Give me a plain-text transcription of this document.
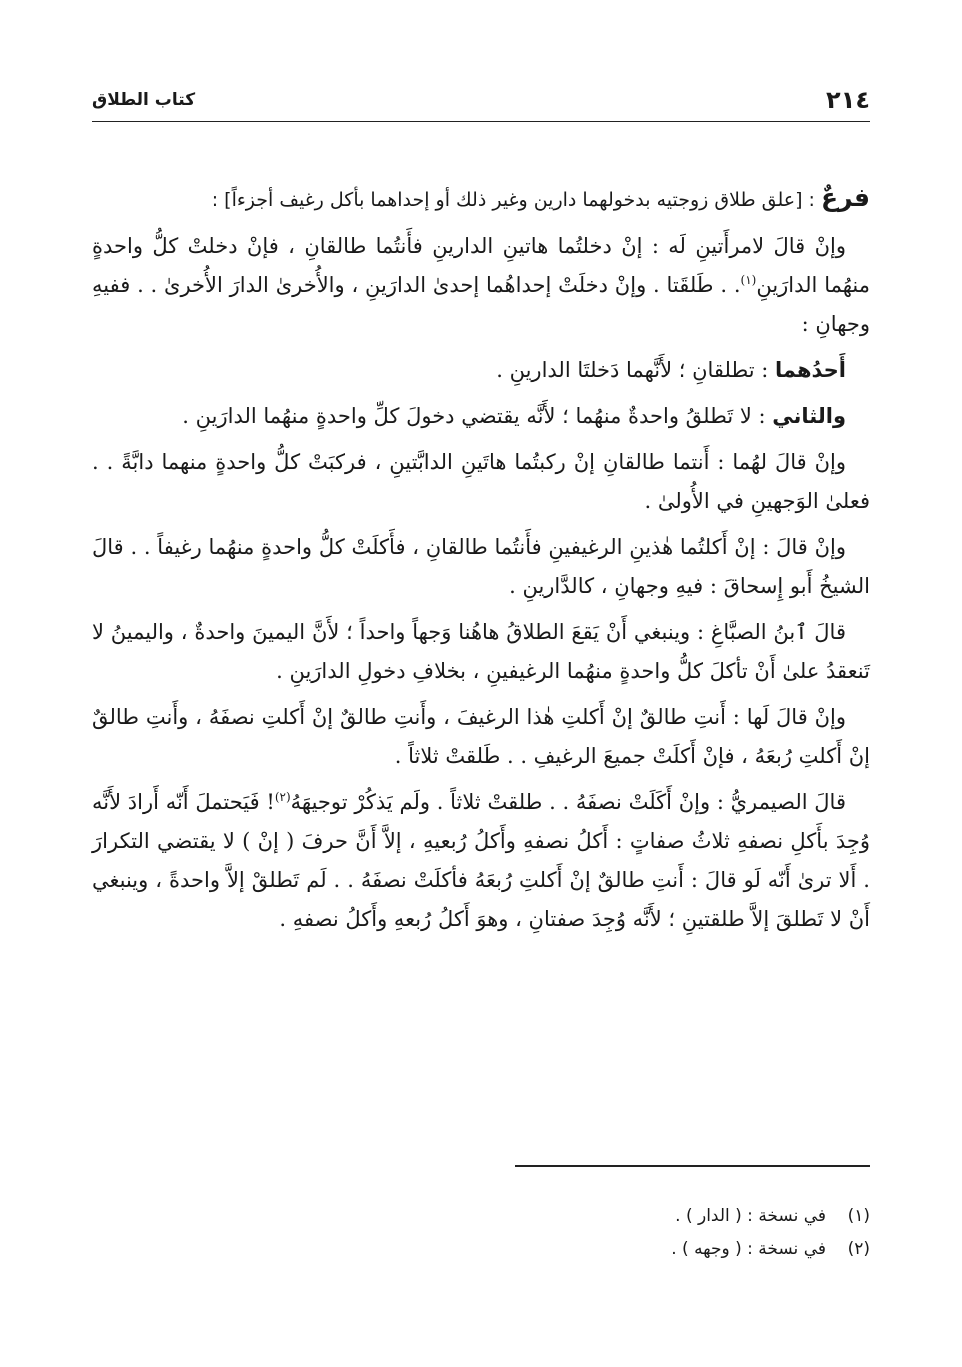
٢١٤
كتاب الطلاق

فرعٌ : [علق طلاق زوجتيه بدخولهما دارين وغير ذلك أو إحداهما بأكل رغيف أجزءاً] :

وإنْ قالَ لامرأَتينِ لَه : إنْ دخلتُما هاتينِ الدارينِ فأَنتُما طالقانِ ، فإنْ دخلتْ كلُّ واحدةٍ منهُما الدارَينِ$^{(١)}$. . طَلقَتا . وإنْ دخلَتْ إحداهُما إحدىٰ الدارَينِ ، والأُخرىٰ الدارَ الأُخرىٰ . . ففيهِ وجهانِ :

أَحدُهما : تطلقانِ ؛ لأَنَّهما دَخلتَا الدارينِ .

والثاني : لا تَطلقُ واحدةٌ منهُما ؛ لأَنَّه يقتضي دخولَ كلِّ واحدةٍ منهُما الدارَينِ .

وإنْ قالَ لهُما : أَنتما طالقانِ إنْ ركبتُما هاتَينِ الدابَّتينِ ، فركبَتْ كلُّ واحدةٍ منهما دابَّةً . . فعلىٰ الوَجهينِ في الأُولىٰ .

وإنْ قالَ : إنْ أَكلتُما هٰذينِ الرغيفينِ فأَنتُما طالقانِ ، فأَكلَتْ كلُّ واحدةٍ منهُما رغيفاً . . قالَ الشيخُ أَبو إِسحاقَ : فيهِ وجهانِ ، كالدَّارينِ .

قالَ ٱبنُ الصبَّاغِ : وينبغي أَنْ يَقعَ الطلاقُ هاهُنا وَجهاً واحداً ؛ لأَنَّ اليمينَ واحدةٌ ، واليمينُ لا تَنعقدُ علىٰ أَنْ تأكلَ كلُّ واحدةٍ منهُما الرغيفينِ ، بخلافِ دخولِ الدارَينِ .

وإنْ قالَ لَها : أَنتِ طالقٌ إنْ أَكلتِ هٰذا الرغيفَ ، وأَنتِ طالقٌ إنْ أَكلتِ نصفَهُ ، وأَنتِ طالقٌ إنْ أَكلتِ رُبعَهُ ، فإنْ أَكلَتْ جميعَ الرغيفِ . . طَلقتْ ثلاثاً .

قالَ الصيمريُّ : وإنْ أَكَلَتْ نصفَهُ . . طلقتْ ثلاثاً . ولَم يَذكُرْ توجيهَهُ$^{(٢)}$! فَيَحتملَ أَنّه أَرادَ لأَنَّه وُجِدَ بأَكلِ نصفهِ ثلاثُ صفاتٍ : أَكلُ نصفهِ وأَكلُ رُبعيهِ ، إلاَّ أَنَّ حرفَ ( إنْ ) لا يقتضي التكرارَ . أَلا ترىٰ أَنّه لَو قالَ : أَنتِ طالقٌ إنْ أَكلتِ رُبعَهُ فأكلَتْ نصفَهُ . . لَم تَطلقْ إلاَّ واحدةً ، وينبغي أَنْ لا تَطلقَ إلاَّ طلقتينِ ؛ لأَنَّه وُجِدَ صفتانِ ، وهوَ أَكلُ رُبعهِ وأَكلُ نصفهِ .

(١)في نسخة : ( الدار ) .
(٢)في نسخة : ( وجهه ) .
